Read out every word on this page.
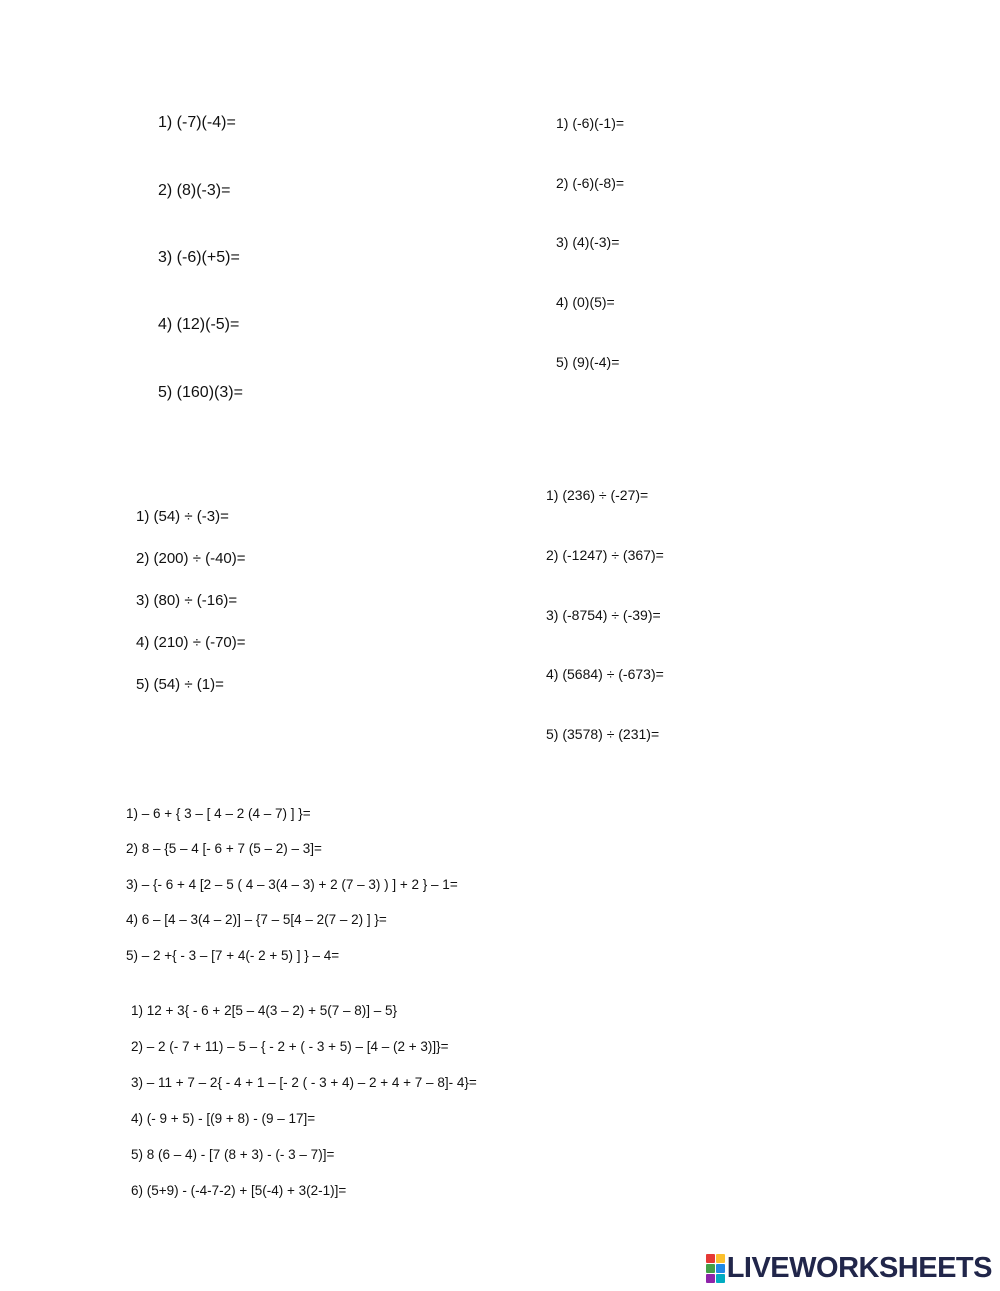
1) (-7)(-4)=
2) (8)(-3)=
3) (-6)(+5)=
4) (12)(-5)=
5) (160)(3)=
1) (-6)(-1)=
2) (-6)(-8)=
3) (4)(-3)=
4) (0)(5)=
5) (9)(-4)=
1) (54) ÷ (-3)=
2) (200) ÷ (-40)=
3) (80) ÷ (-16)=
4) (210) ÷ (-70)=
5) (54) ÷ (1)=
1) (236) ÷ (-27)=
2) (-1247) ÷ (367)=
3) (-8754) ÷ (-39)=
4) (5684) ÷ (-673)=
5) (3578) ÷ (231)=
1) – 6 + { 3 – [ 4 – 2 (4 – 7) ] }=
2) 8 – {5 – 4 [- 6 + 7 (5 – 2) – 3]=
3) – {- 6 + 4 [2 – 5 ( 4 – 3(4 – 3) + 2 (7 – 3) ) ] + 2 } – 1=
4) 6 – [4 – 3(4 – 2)] – {7 – 5[4 – 2(7 – 2) ] }=
5) – 2 +{ - 3 – [7 + 4(- 2 + 5) ] } – 4=
1) 12 + 3{ - 6 + 2[5 – 4(3 – 2) + 5(7 – 8)] – 5}
2) – 2 (- 7 + 11) – 5 – { - 2 + ( - 3 + 5) – [4 – (2 + 3)]}=
3) – 11 + 7 – 2{ - 4 + 1 – [- 2 ( - 3 + 4) – 2 + 4 + 7 – 8]- 4}=
4) (- 9 + 5) - [(9 + 8) - (9 – 17]=
5) 8 (6 – 4) - [7 (8 + 3) - (- 3 – 7)]=
6) (5+9) - (-4-7-2) + [5(-4) + 3(2-1)]=
LIVEWORKSHEETS
